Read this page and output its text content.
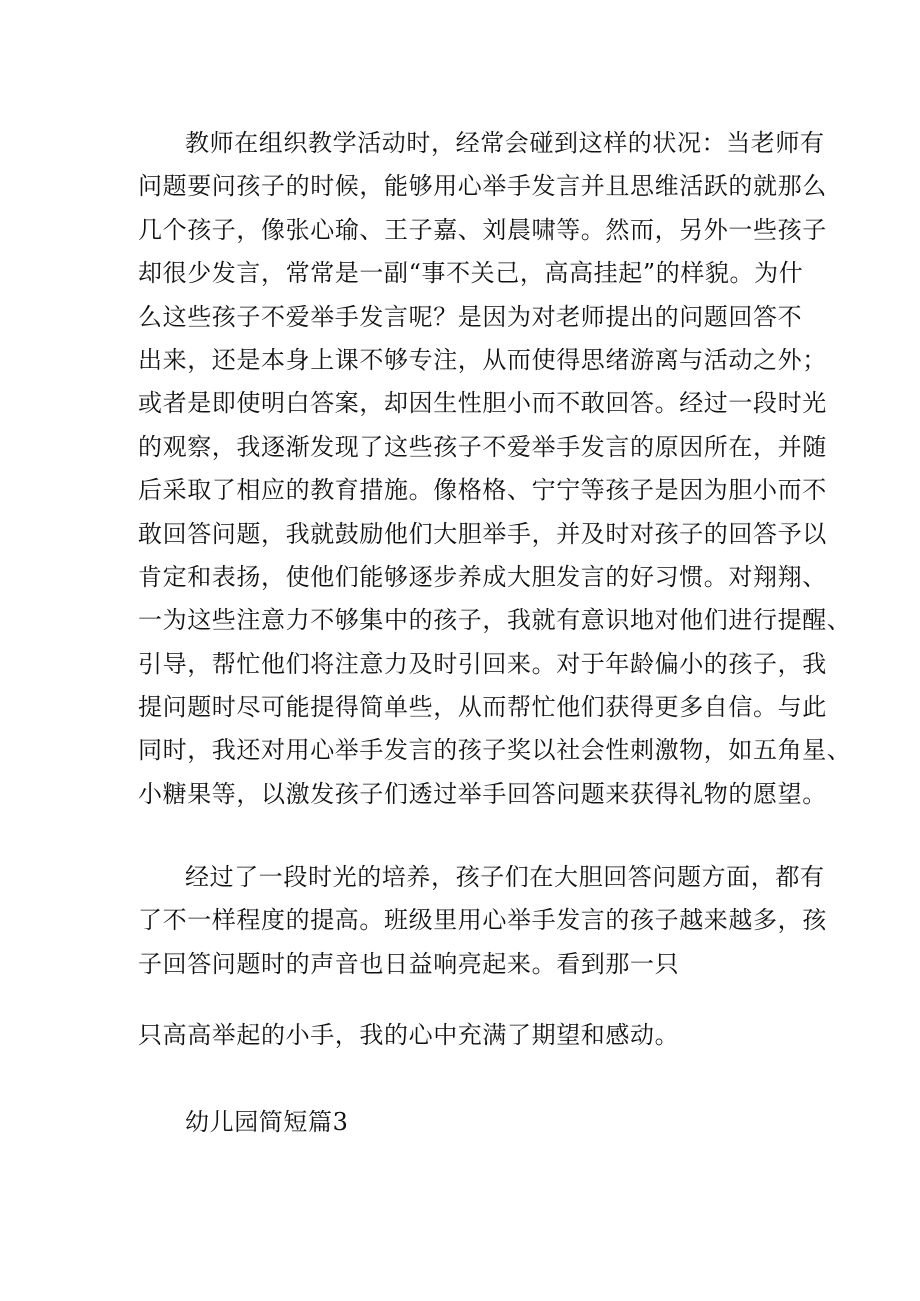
教师在组织教学活动时，经常会碰到这样的状况：当老师有
问题要问孩子的时候，能够用心举手发言并且思维活跃的就那么
几个孩子，像张心瑜、王子嘉、刘晨啸等。然而，另外一些孩子
却很少发言，常常是一副“事不关己，高高挂起”的样貌。为什
么这些孩子不爱举手发言呢？是因为对老师提出的问题回答不
出来，还是本身上课不够专注，从而使得思绪游离与活动之外；
或者是即使明白答案，却因生性胆小而不敢回答。经过一段时光
的观察，我逐渐发现了这些孩子不爱举手发言的原因所在，并随
后采取了相应的教育措施。像格格、宁宁等孩子是因为胆小而不
敢回答问题，我就鼓励他们大胆举手，并及时对孩子的回答予以
肯定和表扬，使他们能够逐步养成大胆发言的好习惯。对翔翔、
一为这些注意力不够集中的孩子，我就有意识地对他们进行提醒、
引导，帮忙他们将注意力及时引回来。对于年龄偏小的孩子，我
提问题时尽可能提得简单些，从而帮忙他们获得更多自信。与此
同时，我还对用心举手发言的孩子奖以社会性刺激物，如五角星、
小糖果等，以激发孩子们透过举手回答问题来获得礼物的愿望。

经过了一段时光的培养，孩子们在大胆回答问题方面，都有
了不一样程度的提高。班级里用心举手发言的孩子越来越多，孩
子回答问题时的声音也日益响亮起来。看到那一只

只高高举起的小手，我的心中充满了期望和感动。

幼儿园简短篇3
